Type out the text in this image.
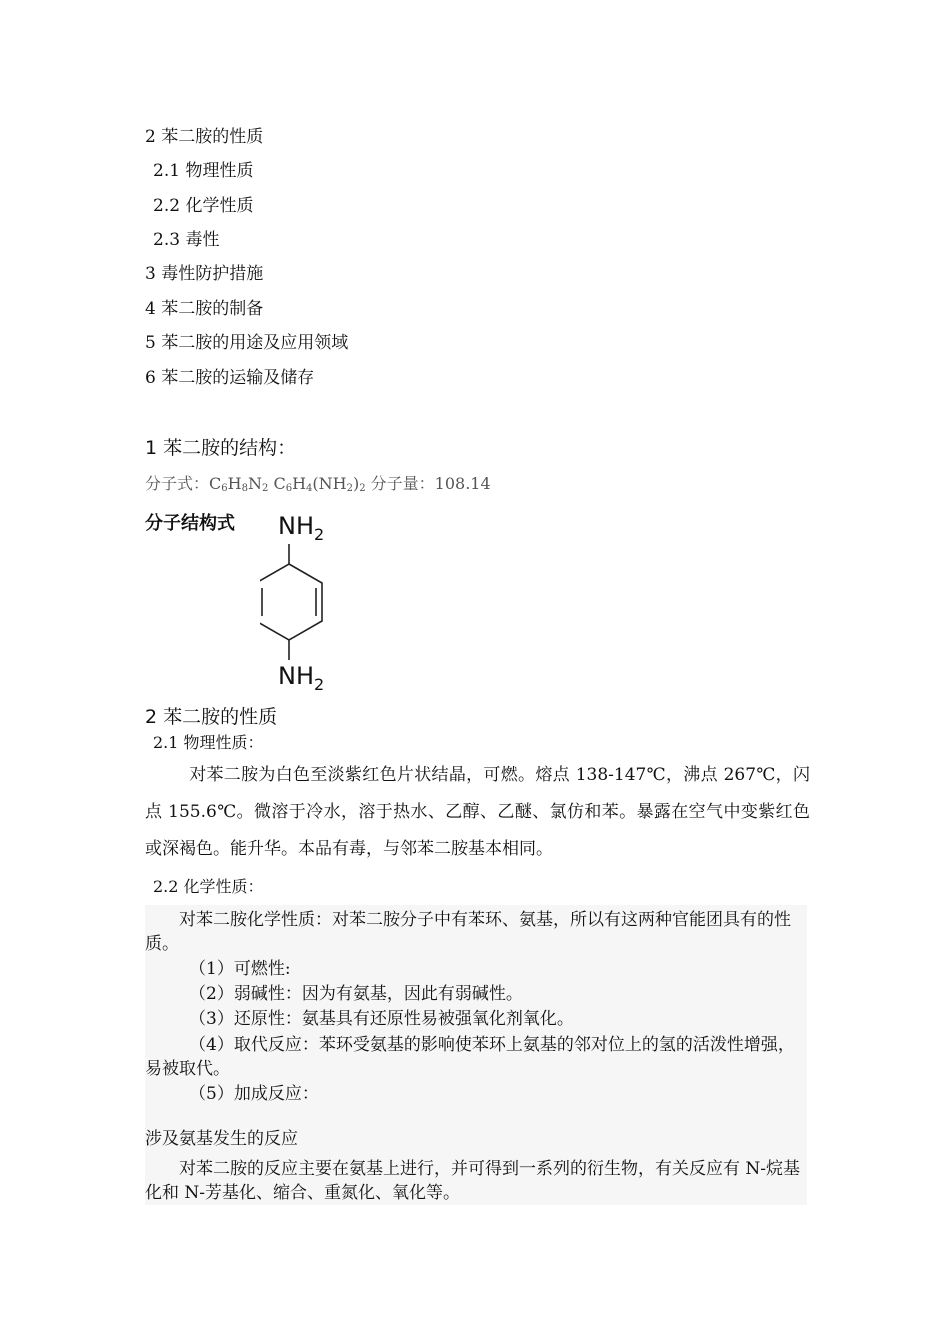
2 苯二胺的性质
2.1 物理性质
2.2 化学性质
2.3 毒性
3 毒性防护措施
4 苯二胺的制备
5 苯二胺的用途及应用领域
6 苯二胺的运输及储存
1 苯二胺的结构：
分子式：$C_6H_8N_2$ $C_6H_4(NH_2)_2$ 分子量：108.14
分子结构式 $NH_2$
$NH_2$
2 苯二胺的性质
2.1 物理性质：
对苯二胺为白色至淡紫红色片状结晶，可燃。熔点 138-147℃，沸点 267℃，闪点 155.6℃。微溶于冷水，溶于热水、乙醇、乙醚、氯仿和苯。暴露在空气中变紫红色或深褐色。能升华。本品有毒，与邻苯二胺基本相同。
2.2 化学性质：
对苯二胺化学性质：对苯二胺分子中有苯环、氨基，所以有这两种官能团具有的性质。
（1）可燃性:
（2）弱碱性：因为有氨基，因此有弱碱性。
（3）还原性：氨基具有还原性易被强氧化剂氧化。
（4）取代反应：苯环受氨基的影响使苯环上氨基的邻对位上的氢的活泼性增强，易被取代。
（5）加成反应：
涉及氨基发生的反应
对苯二胺的反应主要在氨基上进行，并可得到一系列的衍生物，有关反应有 N-烷基化和 N-芳基化、缩合、重氮化、氧化等。
